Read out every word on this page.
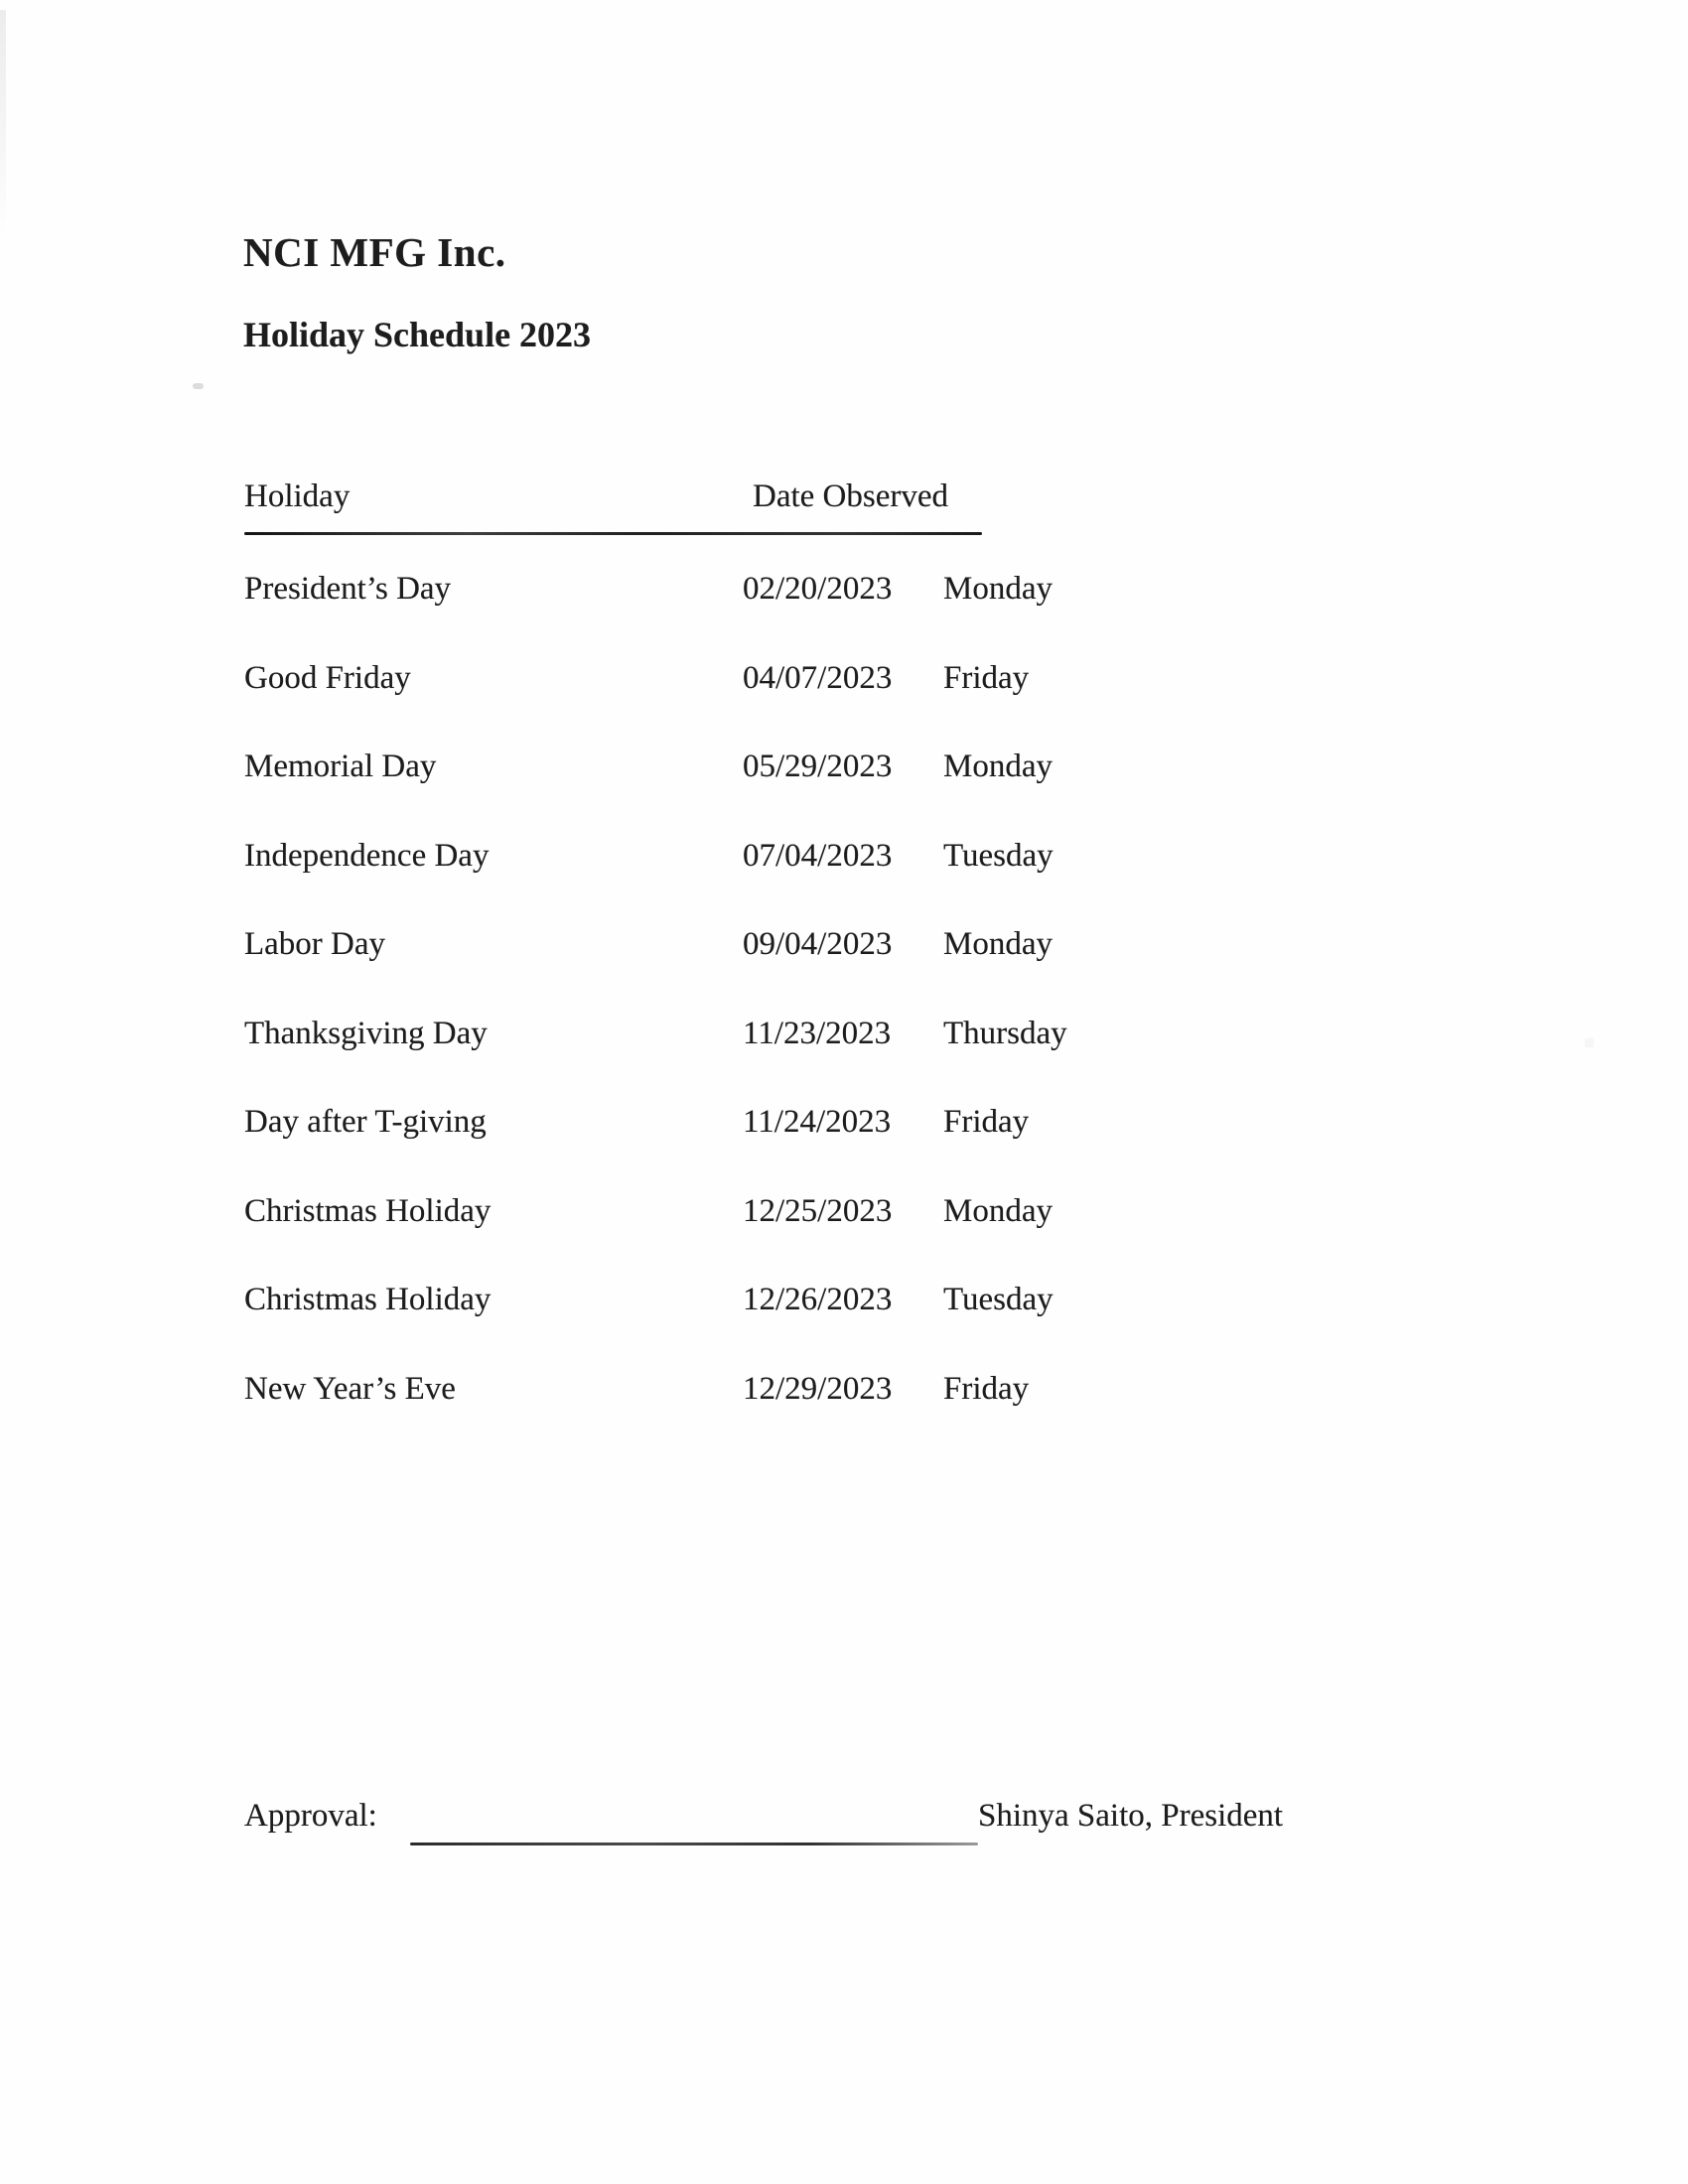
NCI MFG Inc.
Holiday Schedule 2023
Holiday	Date Observed
President’s Day	02/20/2023 Monday
Good Friday	04/07/2023 Friday
Memorial Day	05/29/2023 Monday
Independence Day	07/04/2023 Tuesday
Labor Day	09/04/2023 Monday
Thanksgiving Day	11/23/2023 Thursday
Day after T-giving	11/24/2023 Friday
Christmas Holiday	12/25/2023 Monday
Christmas Holiday	12/26/2023 Tuesday
New Year’s Eve	12/29/2023 Friday
Approval:	Shinya Saito, President
